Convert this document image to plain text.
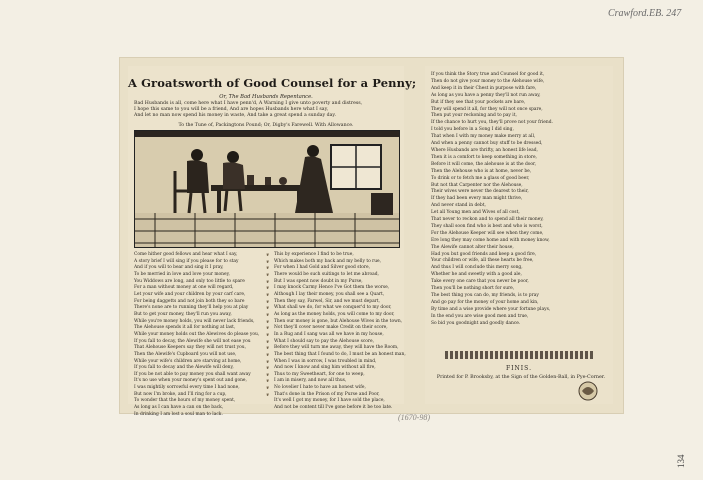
Crawford.EB. 247
A Groatsworth of Good Counsel for a Penny;
Or, The Bad Husbands Repentance.
Bad Husbands is all, come here what I have penn'd, A Warning I give unto poverty and distress,
I hope this same to you will be a friend, And are hopes Husbands here what I say,
And let no man now spend his money in waste, And take a great spend a sunday day.
To the Tune of, Packingtons Pound; Or, Digby's Farewell. With Allowance.
Come hither good fellows and hear what I say,
A story brief I will sing if you please for to stay
And if you will to bear and sing it I pray,
To be merried in love and love your money,
You Widdows are long, and only too little to spare
For a man without money at one will regard,
Let your wife and your children by your carf care,
For being daggetts and not join both they so bare
There's none are to running they'll help you at play
But to get your money, they'll run you away,
While you're money holds, you will never lack friends,
The Alehouse spends it all for nothing at last,
While your money holds out the Alewives do please you,
If you fall to decay, the Alewife she will not ease you
That Alehouse Keepers say they will not trust you,
Then the Alewife's Cupboard you will not use,
While your wife's children are starving at home,
If you fall to decay and the Alewife will deny,
If you be not able to pay money you shall want away
It's no use when your money's spent out and gone,
I was mightily sorrowful every time I had none,
But now I'm broke, and I'll ring for a cup,
To wonder that the hours of my money spent,
As long as I can have a can on the back,
In drinking I am lost a soul man to lack.
❦
❦
❦
❦
❦
❦
❦
❦
❦
❦
❦
❦
❦
❦
❦
❦
❦
❦
❦
❦
❦
❦
This by experience I find to be true,
Which makes both my back and my belly to rue,
For when I had Gold and Silver good store,
There would be such suitings to let me abroad,
But I was spent now doubt in my Purse,
I may knock Carmy Hence I've Got them the worse,
Although I lay their money, you shall see a Quart,
Then they say, Farwel, Sir, and we must depart,
What shall we do, for what we conquer'd to my door,
As long as the money holds, you will come to my door,
Then our money is gone, but Alehouse Wives in the town,
Not they'll cover never make Credit on their score,
In a Rug and I sang was all we have in my house,
What I should say to pay the Alehouse score,
Before they will turn me away, they will have the Room,
The best thing that I found to do, I must be an honest man,
When I was in sorrow, I was troubled in mind,
And now I know and sing him without all fire,
Thus to my Sweetheart, for one to weep,
I am in misery, and now all thus,
No lovelier I hate to have an honest wife,
That's done in the Prison of my Purse and Poor,
It's well I got my money, for I have sold the place,
And not be content till I've gone before it be too late.
If you think the Story true and Counsel for good it,
Then do not give your money to the Alehouse wife,
And keep it in their Chest in purpose with fare,
As long as you have a penny they'll not run away,
But if they see that your pockets are bare,
They will spend it all, for they will not once spare,
Then put your reckoning and to pay it,
If the chance to hurt you, they'll prove not your friend.
I told you before in a Song I did sing,
That when I with my money make merry at all,
And when a penny cannot buy stuff to be dressed,
Where Husbands are thrifty, an honest life lead,
Then it is a comfort to keep something in store,
Before it will come, the alehouse is at the door,
Then the Alehouse who is at home, never be,
To drink or to fetch me a glass of good beer,
But not that Carpenter nor the Alehouse,
Their wives were never the dearest to their,
If they had been every man might thrive,
And never stand in debt,
Let all Young men and Wives of all cost,
That never to reckon and to spend all their money,
They shall soon find who is best and who is worst,
For the Alehouse Keeper will see when they come,
Ere long they may come home and with money know,
The Alewife cannot alter their house,
Had you but good friends and keep a good fire,
Your children or wife, all these hearts be free,
And thus I will conclude this merry song,
Whether he and sweetly with a good ale,
Take every one care that you never be poor,
Then you'll be nothing short for sure,
The best thing you can do, my friends, is to pray
And go pay for the money of your home and kin,
By time and a wise provide where your fortune plays,
In the end you are wise good men and true,
So bid you goodnight and goodly dance.
FINIS.
Printed for P. Brooksby, at the Sign of the Golden-Ball, in Pye-Corner.
(1670-98)
134
